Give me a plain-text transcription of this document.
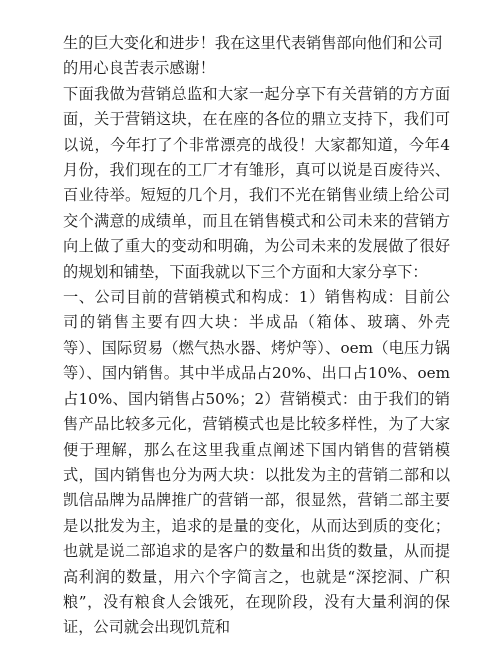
生的巨大变化和进步！我在这里代表销售部向他们和公司的用心良苦表示感谢！

下面我做为营销总监和大家一起分享下有关营销的方方面面，关于营销这块，在在座的各位的鼎立支持下，我们可以说，今年打了个非常漂亮的战役！大家都知道，今年4月份，我们现在的工厂才有雏形，真可以说是百废待兴、百业待举。短短的几个月，我们不光在销售业绩上给公司交个满意的成绩单，而且在销售模式和公司未来的营销方向上做了重大的变动和明确，为公司未来的发展做了很好的规划和铺垫，下面我就以下三个方面和大家分享下：

一、公司目前的营销模式和构成：1）销售构成：目前公司的销售主要有四大块：半成品（箱体、玻璃、外壳等）、国际贸易（燃气热水器、烤炉等）、oem（电压力锅等）、国内销售。其中半成品占20%、出口占10%、oem占10%、国内销售占50%；2）营销模式：由于我们的销售产品比较多元化，营销模式也是比较多样性，为了大家便于理解，那么在这里我重点阐述下国内销售的营销模式，国内销售也分为两大块：以批发为主的营销二部和以凯信品牌为品牌推广的营销一部，很显然，营销二部主要是以批发为主，追求的是量的变化，从而达到质的变化；也就是说二部追求的是客户的数量和出货的数量，从而提高利润的数量，用六个字简言之，也就是“深挖洞、广积粮”，没有粮食人会饿死，在现阶段，没有大量利润的保证，公司就会出现饥荒和
